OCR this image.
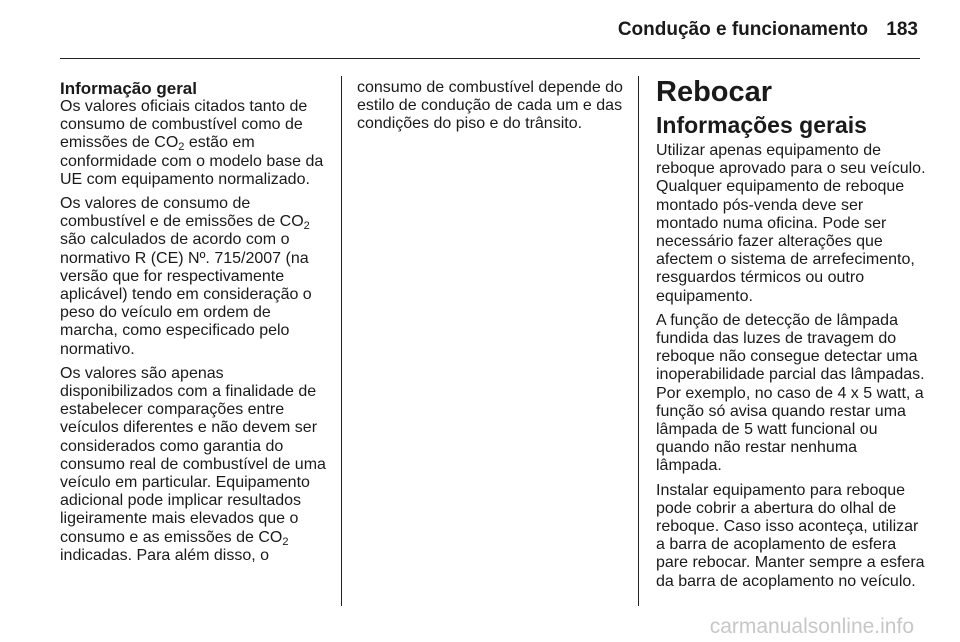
Condução e funcionamento 183
Informação geral

Os valores oficiais citados tanto de consumo de combustível como de emissões de $CO_2$ estão em conformidade com o modelo base da UE com equipamento normalizado.

Os valores de consumo de combustível e de emissões de $CO_2$ são calculados de acordo com o normativo R (CE) Nº. 715/2007 (na versão que for respectivamente aplicável) tendo em consideração o peso do veículo em ordem de marcha, como especificado pelo normativo.

Os valores são apenas disponibilizados com a finalidade de estabelecer comparações entre veículos diferentes e não devem ser considerados como garantia do consumo real de combustível de uma veículo em particular. Equipamento adicional pode implicar resultados ligeiramente mais elevados que o consumo e as emissões de $CO_2$ indicadas. Para além disso, o

consumo de combustível depende do estilo de condução de cada um e das condições do piso e do trânsito.

Rebocar
Informações gerais

Utilizar apenas equipamento de reboque aprovado para o seu veículo. Qualquer equipamento de reboque montado pós-venda deve ser montado numa oficina. Pode ser necessário fazer alterações que afectem o sistema de arrefecimento, resguardos térmicos ou outro equipamento.

A função de detecção de lâmpada fundida das luzes de travagem do reboque não consegue detectar uma inoperabilidade parcial das lâmpadas. Por exemplo, no caso de 4 x 5 watt, a função só avisa quando restar uma lâmpada de 5 watt funcional ou quando não restar nenhuma lâmpada.

Instalar equipamento para reboque pode cobrir a abertura do olhal de reboque. Caso isso aconteça, utilizar a barra de acoplamento de esfera pare rebocar. Manter sempre a esfera da barra de acoplamento no veículo.

carmanualsonline.info
